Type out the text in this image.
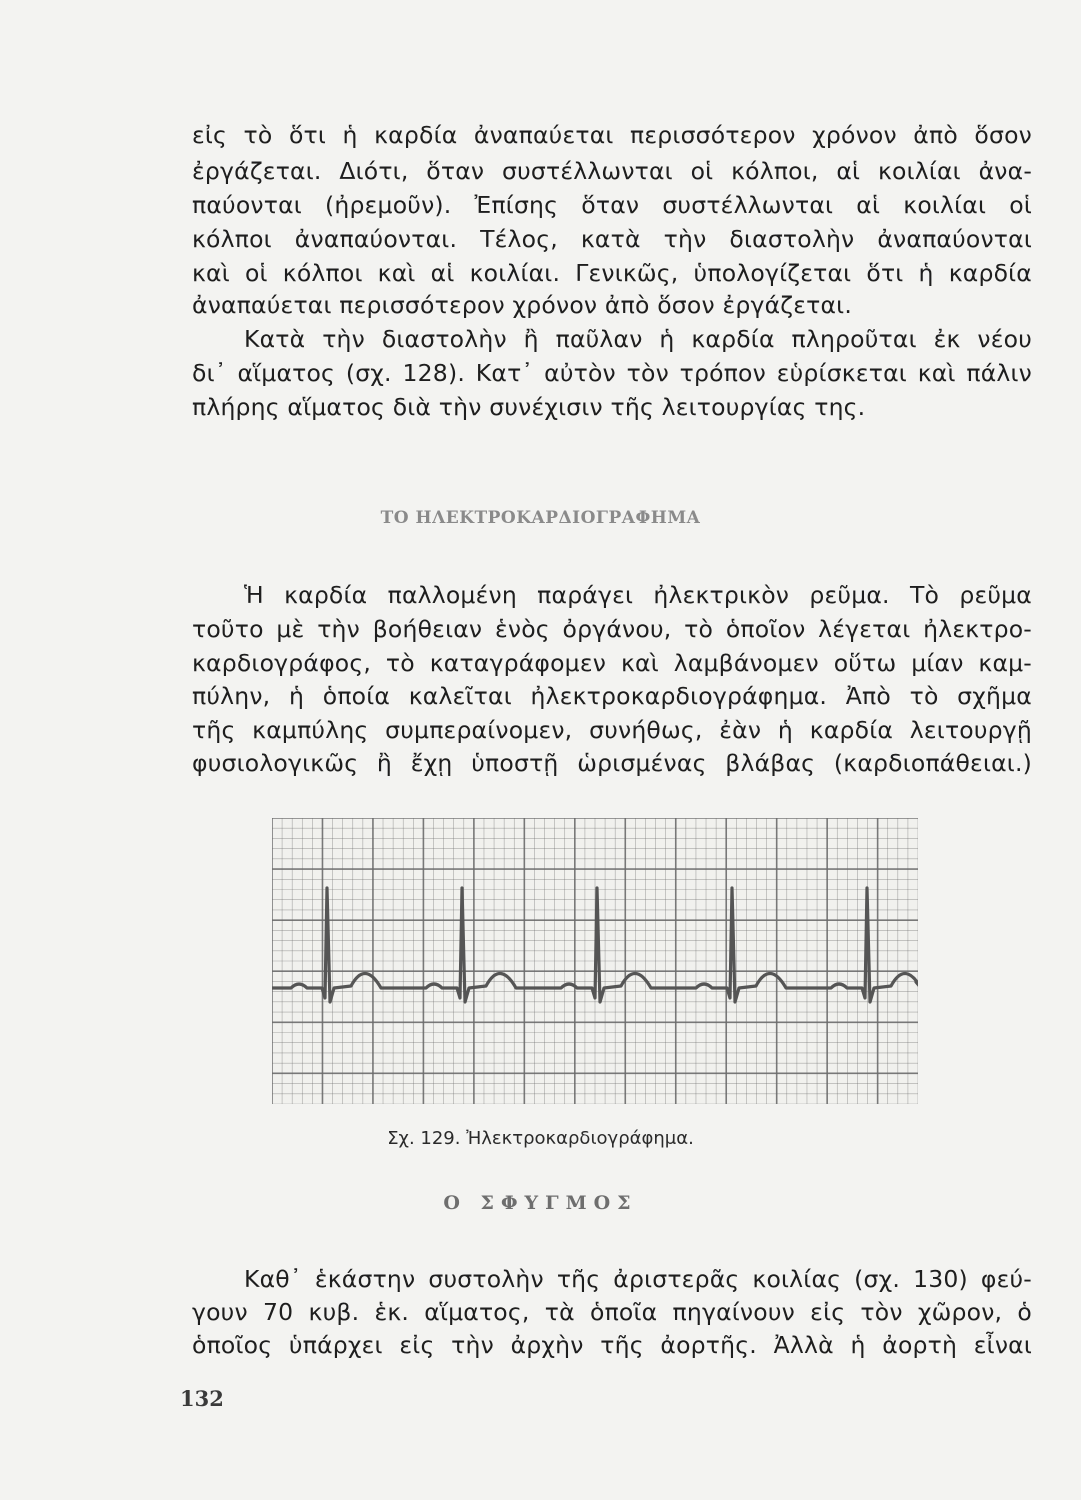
εἰς τὸ ὅτι ἡ καρδία ἀναπαύεται περισσότερον χρόνον ἀπὸ ὅσον
ἐργάζεται. Διότι, ὅταν συστέλλωνται οἱ κόλποι, αἱ κοιλίαι ἀνα-
παύονται (ἠρεμοῦν). Ἐπίσης ὅταν συστέλλωνται αἱ κοιλίαι οἱ
κόλποι ἀναπαύονται. Τέλος, κατὰ τὴν διαστολὴν ἀναπαύονται
καὶ οἱ κόλποι καὶ αἱ κοιλίαι. Γενικῶς, ὑπολογίζεται ὅτι ἡ καρδία
ἀναπαύεται περισσότερον χρόνον ἀπὸ ὅσον ἐργάζεται.
Κατὰ τὴν διαστολὴν ἢ παῦλαν ἡ καρδία πληροῦται ἐκ νέου
δι᾽ αἵματος (σχ. 128). Κατ᾽ αὐτὸν τὸν τρόπον εὑρίσκεται καὶ πάλιν
πλήρης αἵματος διὰ τὴν συνέχισιν τῆς λειτουργίας της.
ΤΟ ΗΛΕΚΤΡΟΚΑΡΔΙΟΓΡΑΦΗΜΑ
Ἡ καρδία παλλομένη παράγει ἠλεκτρικὸν ρεῦμα. Τὸ ρεῦμα
τοῦτο μὲ τὴν βοήθειαν ἑνὸς ὀργάνου, τὸ ὁποῖον λέγεται ἠλεκτρο-
καρδιογράφος, τὸ καταγράφομεν καὶ λαμβάνομεν οὕτω μίαν καμ-
πύλην, ἡ ὁποία καλεῖται ἠλεκτροκαρδιογράφημα. Ἀπὸ τὸ σχῆμα
τῆς καμπύλης συμπεραίνομεν, συνήθως, ἐὰν ἡ καρδία λειτουργῇ
φυσιολογικῶς ἢ ἔχῃ ὑποστῇ ὡρισμένας βλάβας (καρδιοπάθειαι.)
Σχ. 129. Ἠλεκτροκαρδιογράφημα.
Ο ΣΦΥΓΜΟΣ
Καθ᾽ ἑκάστην συστολὴν τῆς ἀριστερᾶς κοιλίας (σχ. 130) φεύ-
γουν 70 κυβ. ἑκ. αἵματος, τὰ ὁποῖα πηγαίνουν εἰς τὸν χῶρον, ὁ
ὁποῖος ὑπάρχει εἰς τὴν ἀρχὴν τῆς ἀορτῆς. Ἀλλὰ ἡ ἀορτὴ εἶναι
132
